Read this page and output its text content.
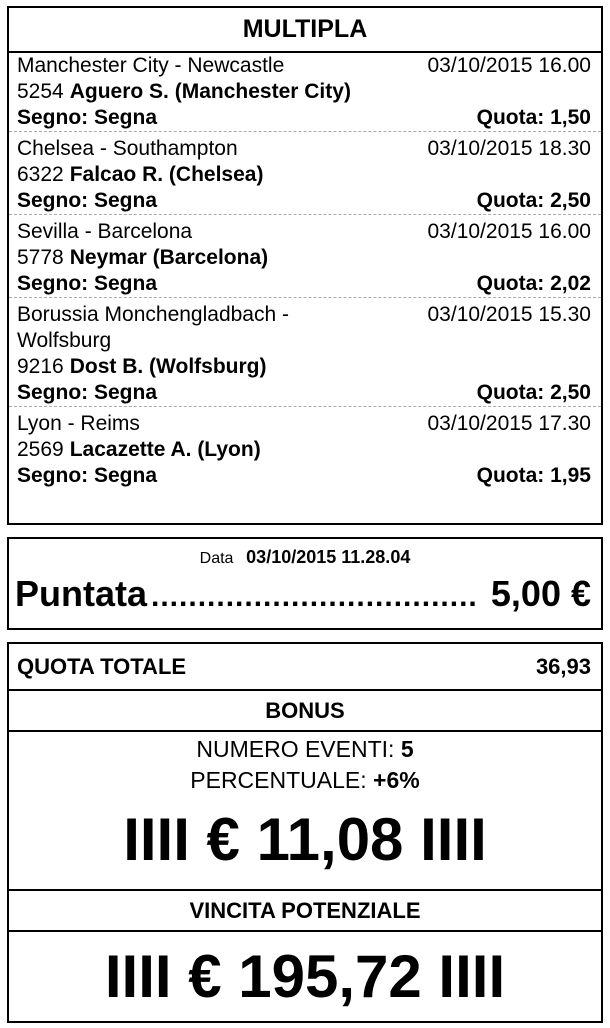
MULTIPLA
Manchester City - Newcastle	03/10/2015 16.00
5254 Aguero S. (Manchester City)
Segno: Segna	Quota: 1,50
Chelsea - Southampton	03/10/2015 18.30
6322 Falcao R. (Chelsea)
Segno: Segna	Quota: 2,50
Sevilla - Barcelona	03/10/2015 16.00
5778 Neymar (Barcelona)
Segno: Segna	Quota: 2,02
Borussia Monchengladbach - Wolfsburg
03/10/2015 15.30
9216 Dost B. (Wolfsburg)
Segno: Segna	Quota: 2,50
Lyon - Reims	03/10/2015 17.30
2569 Lacazette A. (Lyon)
Segno: Segna	Quota: 1,95
Data 03/10/2015 11.28.04
Puntata ................................... 5,00 €
QUOTA TOTALE	36,93
BONUS
NUMERO EVENTI: 5
PERCENTUALE: +6%
IIII € 11,08 IIII
VINCITA POTENZIALE
IIII € 195,72 IIII
